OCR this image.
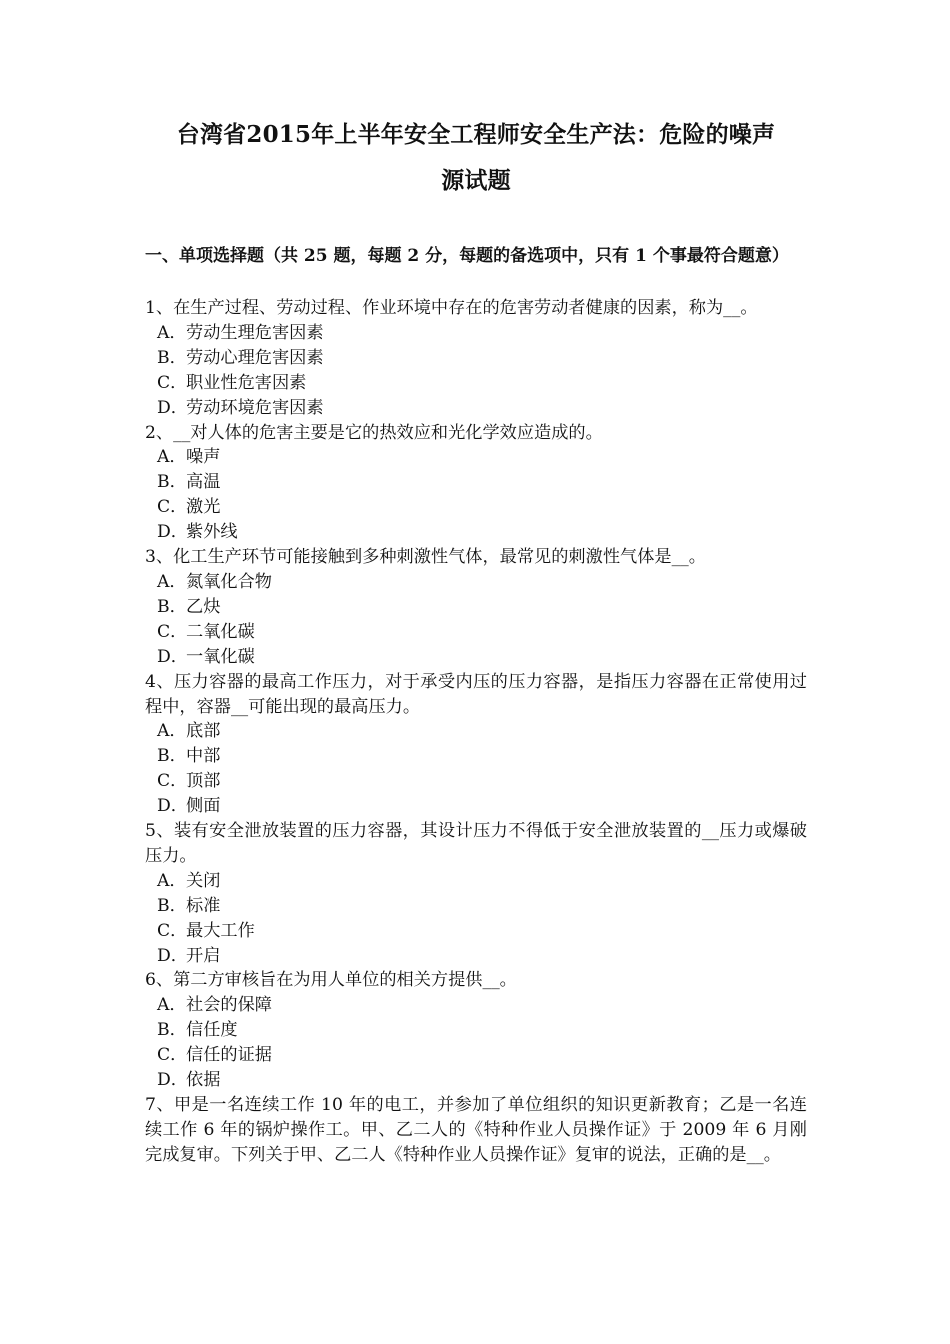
台湾省2015年上半年安全工程师安全生产法：危险的噪声
源试题
一、单项选择题（共 25 题，每题 2 分，每题的备选项中，只有 1 个事最符合题意）

1、在生产过程、劳动过程、作业环境中存在的危害劳动者健康的因素，称为__。

A．劳动生理危害因素

B．劳动心理危害因素

C．职业性危害因素

D．劳动环境危害因素

2、__对人体的危害主要是它的热效应和光化学效应造成的。

A．噪声

B．高温

C．激光

D．紫外线

3、化工生产环节可能接触到多种刺激性气体，最常见的刺激性气体是__。

A．氮氧化合物

B．乙炔

C．二氧化碳

D．一氧化碳

4、压力容器的最高工作压力，对于承受内压的压力容器，是指压力容器在正常使用过程中，容器__可能出现的最高压力。

A．底部

B．中部

C．顶部

D．侧面

5、装有安全泄放装置的压力容器，其设计压力不得低于安全泄放装置的__压力或爆破压力。

A．关闭

B．标准

C．最大工作

D．开启

6、第二方审核旨在为用人单位的相关方提供__。

A．社会的保障

B．信任度

C．信任的证据

D．依据

7、甲是一名连续工作 10 年的电工，并参加了单位组织的知识更新教育；乙是一名连续工作 6 年的锅炉操作工。甲、乙二人的《特种作业人员操作证》于 2009 年 6 月刚完成复审。下列关于甲、乙二人《特种作业人员操作证》复审的说法，正确的是__。
